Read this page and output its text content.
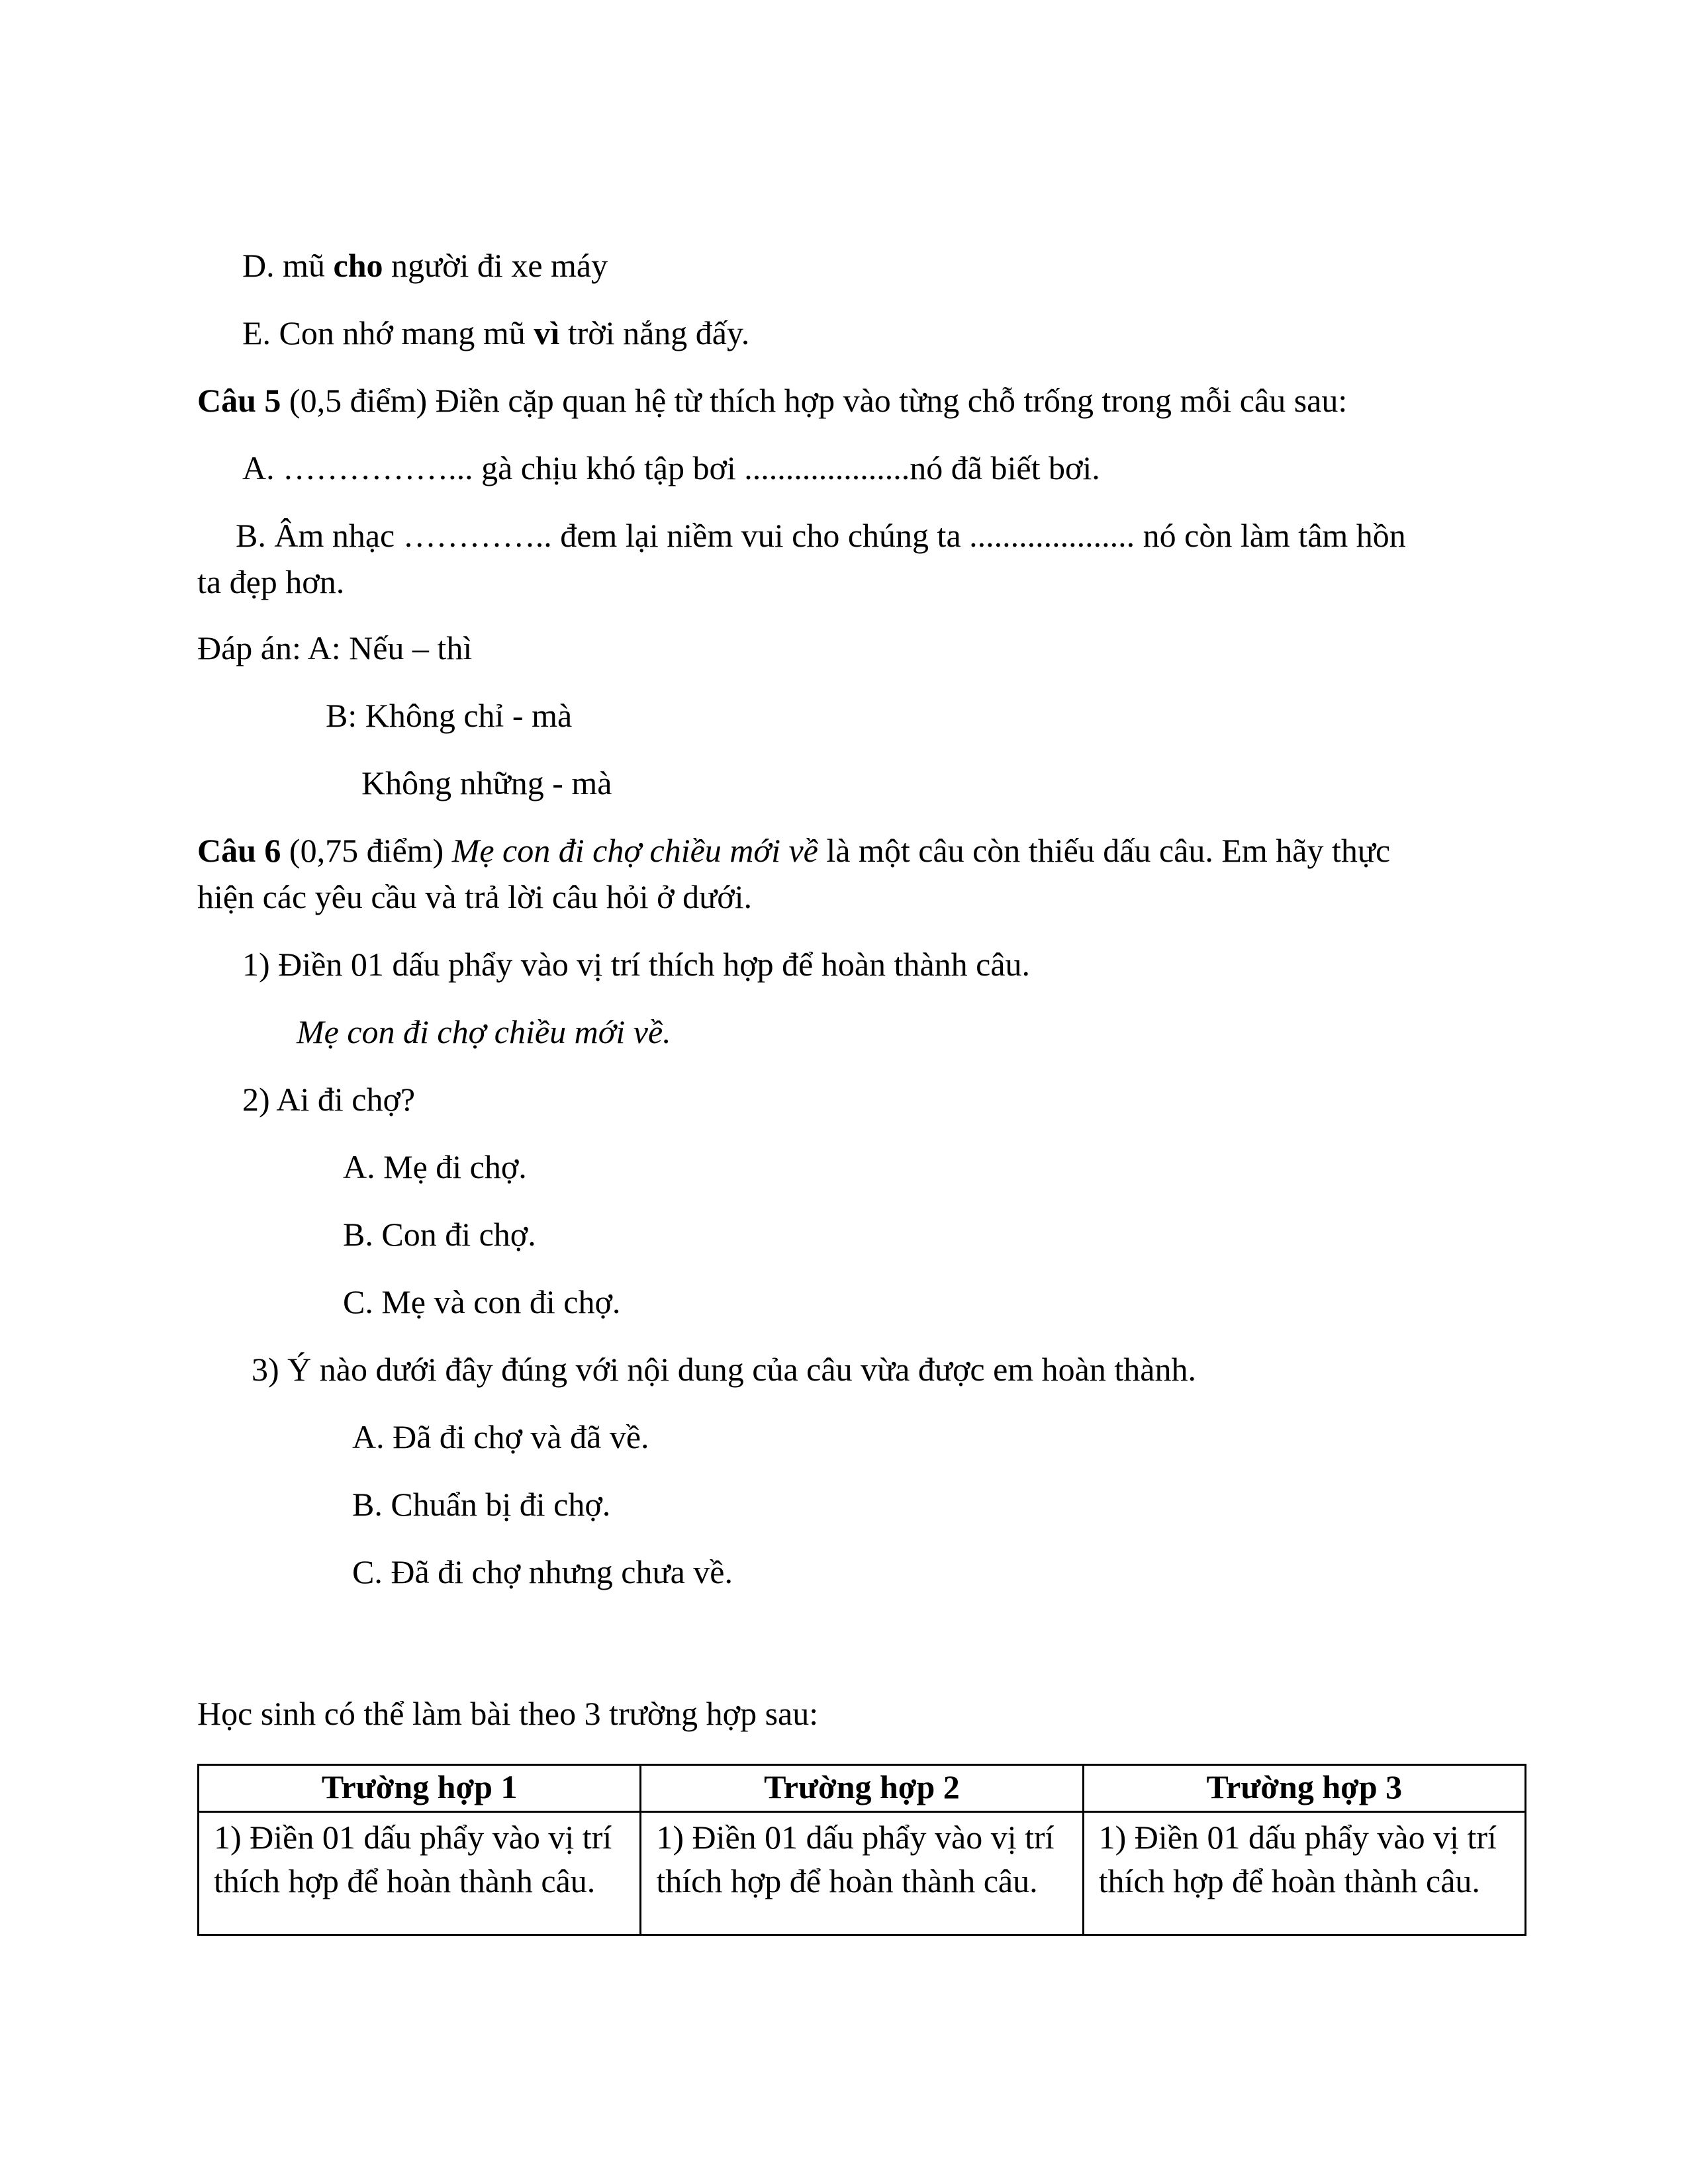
D. mũ cho người đi xe máy
E. Con nhớ mang mũ vì trời nắng đấy.
Câu 5 (0,5 điểm) Điền cặp quan hệ từ thích hợp vào từng chỗ trống trong mỗi câu sau:
A. ……………... gà chịu khó tập bơi ....................nó đã biết bơi.
B. Âm nhạc ………….. đem lại niềm vui cho chúng ta .................... nó còn làm tâm hồn
ta đẹp hơn.
Đáp án: A: Nếu – thì
B: Không chỉ - mà
Không những - mà
Câu 6 (0,75 điểm) Mẹ con đi chợ chiều mới về là một câu còn thiếu dấu câu. Em hãy thực
hiện các yêu cầu và trả lời câu hỏi ở dưới.
1) Điền 01 dấu phẩy vào vị trí thích hợp để hoàn thành câu.
Mẹ con đi chợ chiều mới về.
2) Ai đi chợ?
A. Mẹ đi chợ.
B. Con đi chợ.
C. Mẹ và con đi chợ.
3) Ý nào dưới đây đúng với nội dung của câu vừa được em hoàn thành.
A. Đã đi chợ và đã về.
B. Chuẩn bị đi chợ.
C. Đã đi chợ nhưng chưa về.
Học sinh có thể làm bài theo 3 trường hợp sau:
Trường hợp 1	Trường hợp 2	Trường hợp 3
1) Điền 01 dấu phẩy vào vị trí thích hợp để hoàn thành câu.	1) Điền 01 dấu phẩy vào vị trí thích hợp để hoàn thành câu.	1) Điền 01 dấu phẩy vào vị trí thích hợp để hoàn thành câu.
